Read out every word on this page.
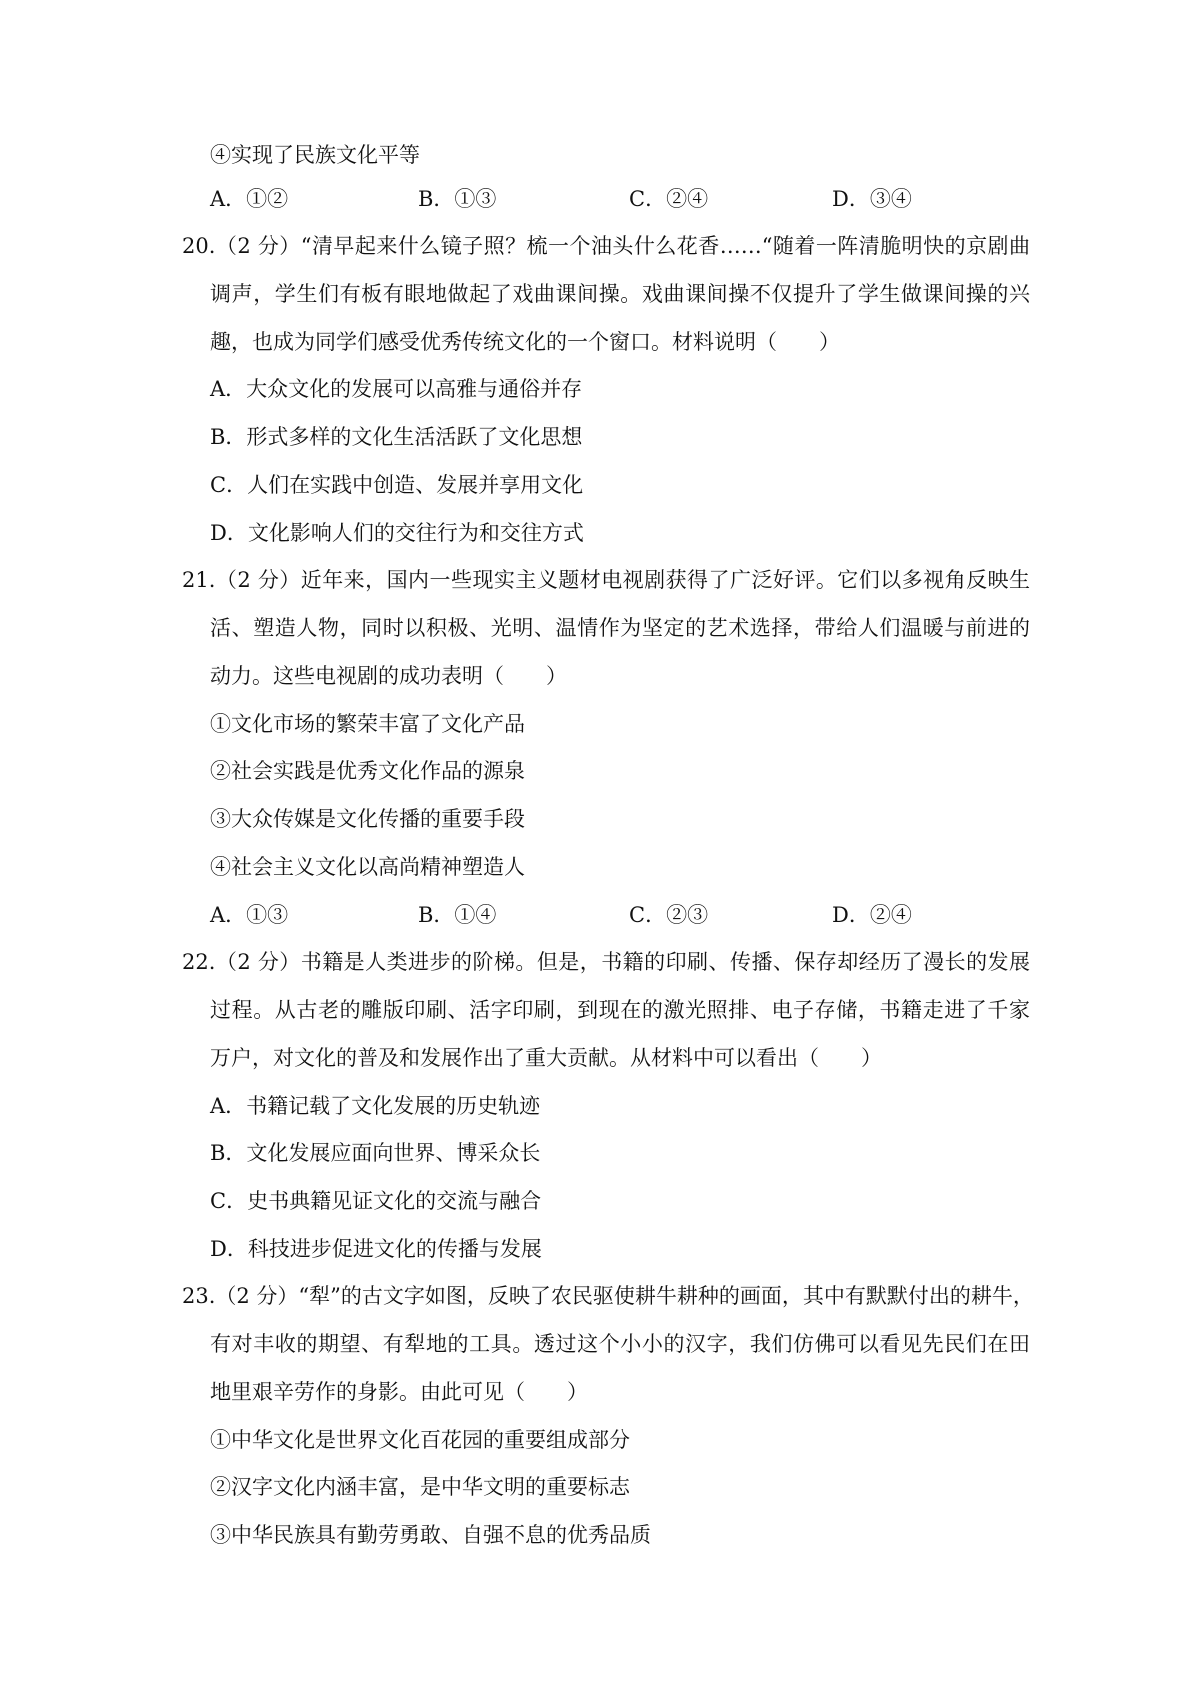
④实现了民族文化平等
A．①②	B．①③	C．②④	D．③④
20.（2 分）“清早起来什么镜子照？梳一个油头什么花香……“随着一阵清脆明快的京剧曲
调声，学生们有板有眼地做起了戏曲课间操。戏曲课间操不仅提升了学生做课间操的兴
趣，也成为同学们感受优秀传统文化的一个窗口。材料说明（　　）
A．大众文化的发展可以高雅与通俗并存
B．形式多样的文化生活活跃了文化思想
C．人们在实践中创造、发展并享用文化
D．文化影响人们的交往行为和交往方式
21.（2 分）近年来，国内一些现实主义题材电视剧获得了广泛好评。它们以多视角反映生
活、塑造人物，同时以积极、光明、温情作为坚定的艺术选择，带给人们温暖与前进的
动力。这些电视剧的成功表明（　　）
①文化市场的繁荣丰富了文化产品
②社会实践是优秀文化作品的源泉
③大众传媒是文化传播的重要手段
④社会主义文化以高尚精神塑造人
A．①③	B．①④	C．②③	D．②④
22.（2 分）书籍是人类进步的阶梯。但是，书籍的印刷、传播、保存却经历了漫长的发展
过程。从古老的雕版印刷、活字印刷，到现在的激光照排、电子存储，书籍走进了千家
万户，对文化的普及和发展作出了重大贡献。从材料中可以看出（　　）
A．书籍记载了文化发展的历史轨迹
B．文化发展应面向世界、博采众长
C．史书典籍见证文化的交流与融合
D．科技进步促进文化的传播与发展
23.（2 分）“犁”的古文字如图，反映了农民驱使耕牛耕种的画面，其中有默默付出的耕牛，
有对丰收的期望、有犁地的工具。透过这个小小的汉字，我们仿佛可以看见先民们在田
地里艰辛劳作的身影。由此可见（　　）
①中华文化是世界文化百花园的重要组成部分
②汉字文化内涵丰富，是中华文明的重要标志
③中华民族具有勤劳勇敢、自强不息的优秀品质
